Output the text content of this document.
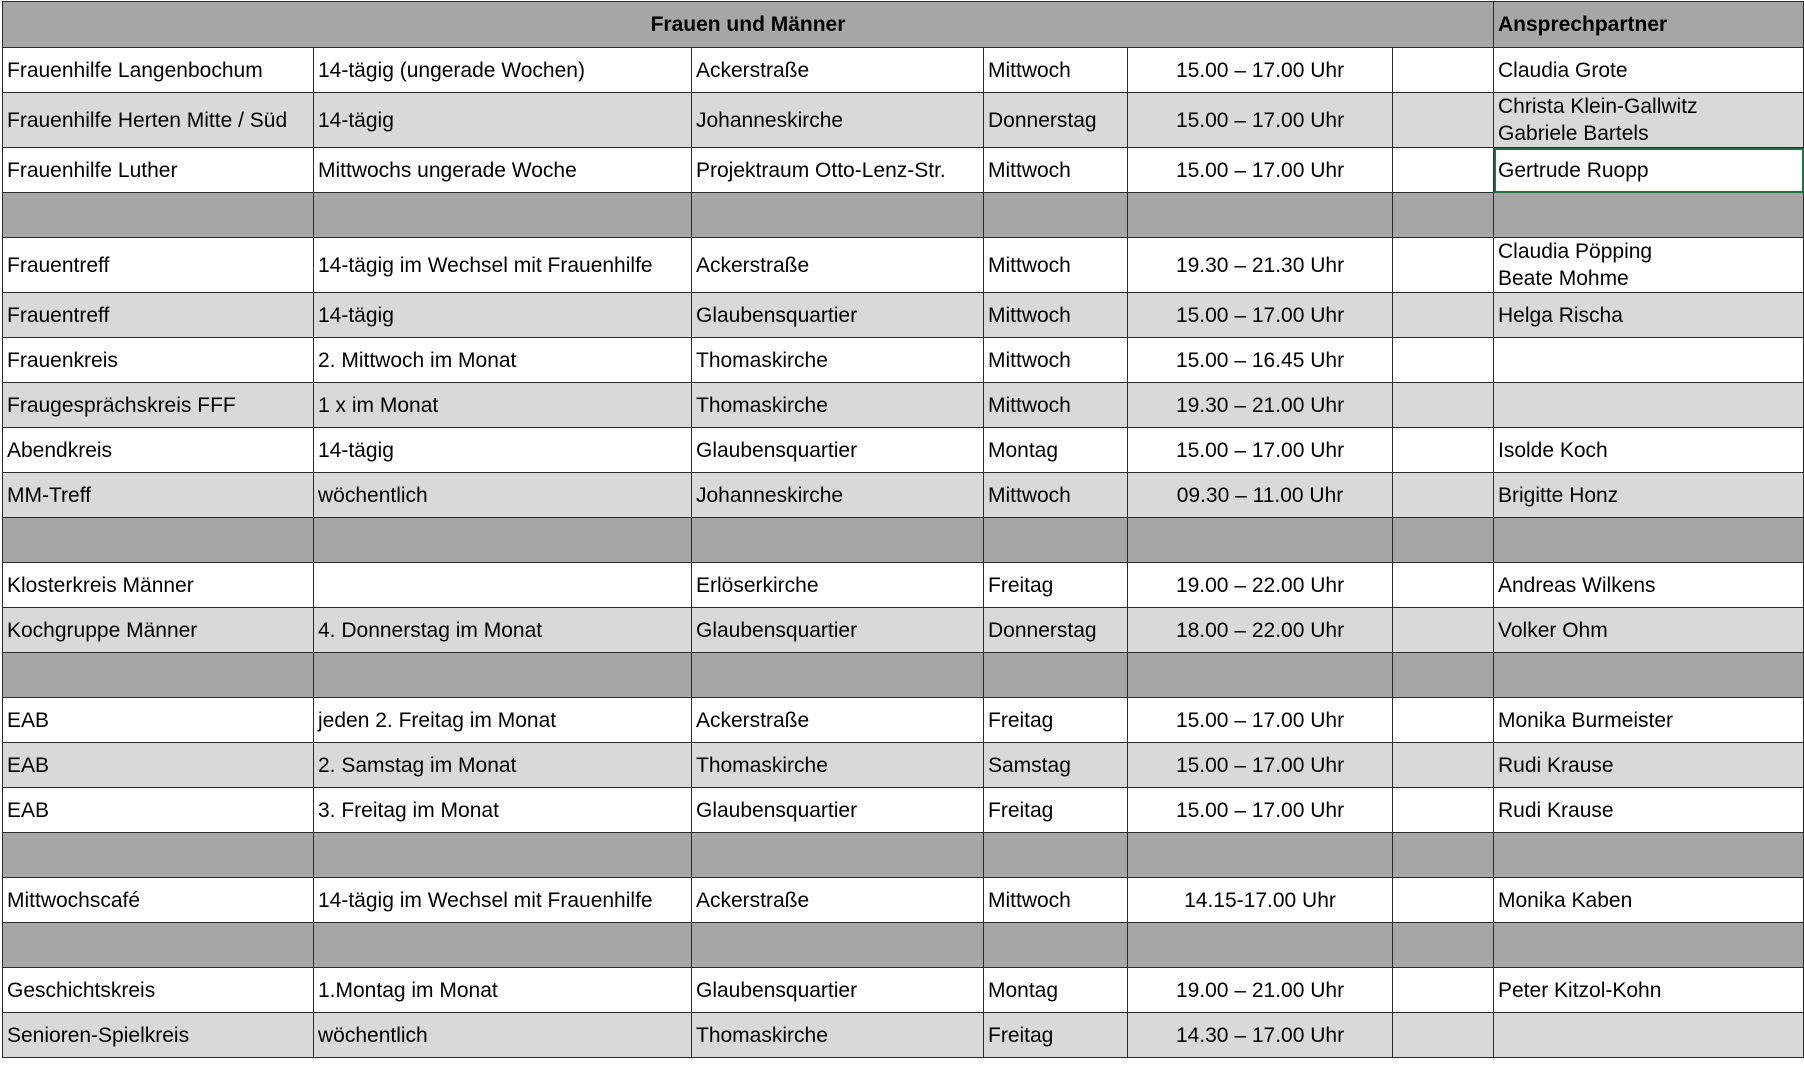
Frauen und Männer						Ansprechpartner
Frauenhilfe Langenbochum	14-tägig (ungerade Wochen)	Ackerstraße	Mittwoch	15.00 – 17.00 Uhr		Claudia Grote

Frauenhilfe Herten Mitte / Süd	14-tägig	Johanneskirche	Donnerstag	15.00 – 17.00 Uhr		Christa Klein-Gallwitz
Gabriele Bartels

Frauenhilfe Luther	Mittwochs ungerade Woche	Projektraum Otto-Lenz-Str.	Mittwoch	15.00 – 17.00 Uhr		Gertrude Ruopp

Frauentreff	14-tägig im Wechsel mit Frauenhilfe	Ackerstraße	Mittwoch	19.30 – 21.30 Uhr		Claudia Pöpping
Beate Mohme

Frauentreff	14-tägig	Glaubensquartier	Mittwoch	15.00 – 17.00 Uhr		Helga Rischa

Frauenkreis	2. Mittwoch im Monat	Thomaskirche	Mittwoch	15.00 – 16.45 Uhr		
Fraugesprächskreis FFF	1 x im Monat	Thomaskirche	Mittwoch	19.30 – 21.00 Uhr		
Abendkreis	14-tägig	Glaubensquartier	Montag	15.00 – 17.00 Uhr		Isolde Koch

MM-Treff	wöchentlich	Johanneskirche	Mittwoch	09.30 – 11.00 Uhr		Brigitte Honz

Klosterkreis Männer		Erlöserkirche	Freitag	19.00 – 22.00 Uhr		Andreas Wilkens

Kochgruppe Männer	4. Donnerstag im Monat	Glaubensquartier	Donnerstag	18.00 – 22.00 Uhr		Volker Ohm

EAB	jeden 2. Freitag im Monat	Ackerstraße	Freitag	15.00 – 17.00 Uhr		Monika Burmeister

EAB	2. Samstag im Monat	Thomaskirche	Samstag	15.00 – 17.00 Uhr		Rudi Krause

EAB	3. Freitag im Monat	Glaubensquartier	Freitag	15.00 – 17.00 Uhr		Rudi Krause

Mittwochscafé	14-tägig im Wechsel mit Frauenhilfe	Ackerstraße	Mittwoch	14.15-17.00 Uhr		Monika Kaben

Geschichtskreis	1.Montag im Monat	Glaubensquartier	Montag	19.00 – 21.00 Uhr		Peter Kitzol-Kohn

Senioren-Spielkreis	wöchentlich	Thomaskirche	Freitag	14.30 – 17.00 Uhr		
